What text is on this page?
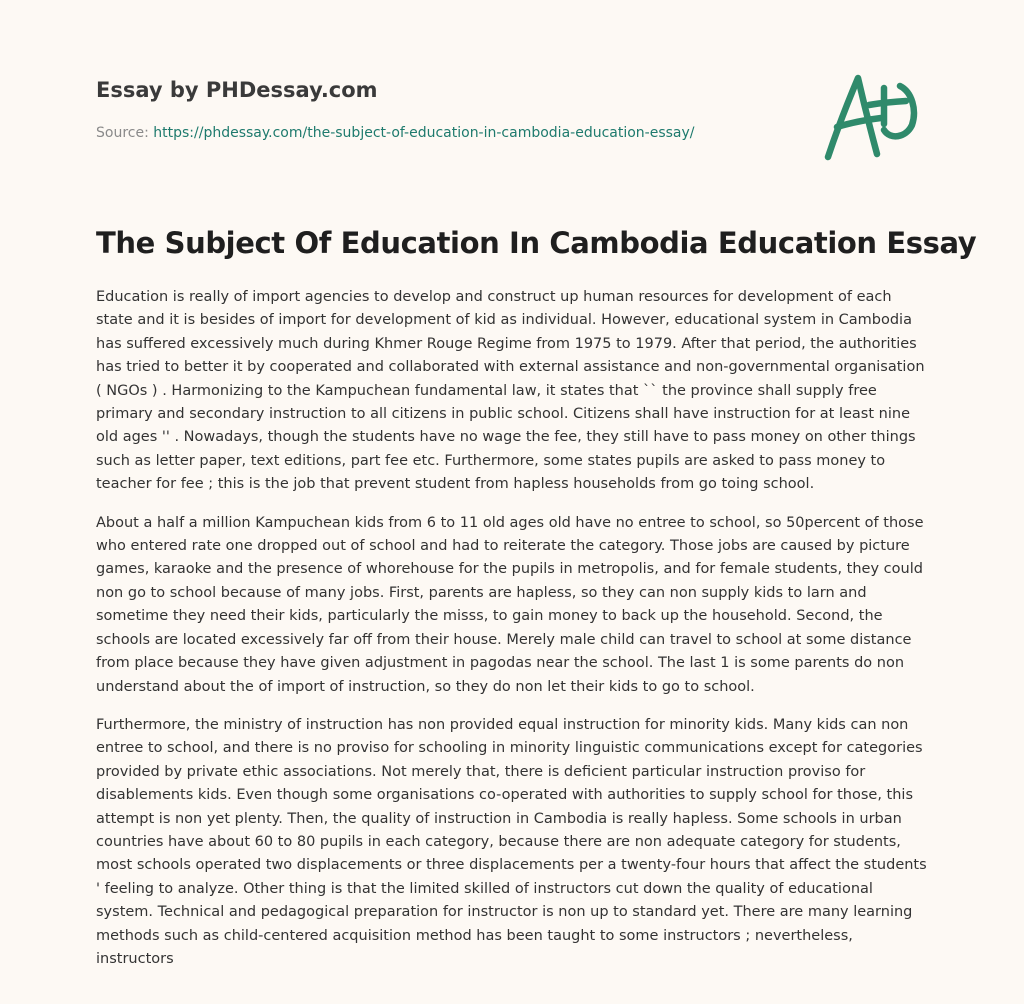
Essay by PHDessay.com
Source: https://phdessay.com/the-subject-of-education-in-cambodia-education-essay/
The Subject Of Education In Cambodia Education Essay

Education is really of import agencies to develop and construct up human resources for development of each state and it is besides of import for development of kid as individual. However, educational system in Cambodia has suffered excessively much during Khmer Rouge Regime from 1975 to 1979. After that period, the authorities has tried to better it by cooperated and collaborated with external assistance and non-governmental organisation ( NGOs ) . Harmonizing to the Kampuchean fundamental law, it states that `` the province shall supply free primary and secondary instruction to all citizens in public school. Citizens shall have instruction for at least nine old ages '' . Nowadays, though the students have no wage the fee, they still have to pass money on other things such as letter paper, text editions, part fee etc. Furthermore, some states pupils are asked to pass money to teacher for fee ; this is the job that prevent student from hapless households from go toing school.

About a half a million Kampuchean kids from 6 to 11 old ages old have no entree to school, so 50percent of those who entered rate one dropped out of school and had to reiterate the category. Those jobs are caused by picture games, karaoke and the presence of whorehouse for the pupils in metropolis, and for female students, they could non go to school because of many jobs. First, parents are hapless, so they can non supply kids to larn and sometime they need their kids, particularly the misss, to gain money to back up the household. Second, the schools are located excessively far off from their house. Merely male child can travel to school at some distance from place because they have given adjustment in pagodas near the school. The last 1 is some parents do non understand about the of import of instruction, so they do non let their kids to go to school.

Furthermore, the ministry of instruction has non provided equal instruction for minority kids. Many kids can non entree to school, and there is no proviso for schooling in minority linguistic communications except for categories provided by private ethic associations. Not merely that, there is deficient particular instruction proviso for disablements kids. Even though some organisations co-operated with authorities to supply school for those, this attempt is non yet plenty. Then, the quality of instruction in Cambodia is really hapless. Some schools in urban countries have about 60 to 80 pupils in each category, because there are non adequate category for students, most schools operated two displacements or three displacements per a twenty-four hours that affect the students ' feeling to analyze. Other thing is that the limited skilled of instructors cut down the quality of educational system. Technical and pedagogical preparation for instructor is non up to standard yet. There are many learning methods such as child-centered acquisition method has been taught to some instructors ; nevertheless, instructors
